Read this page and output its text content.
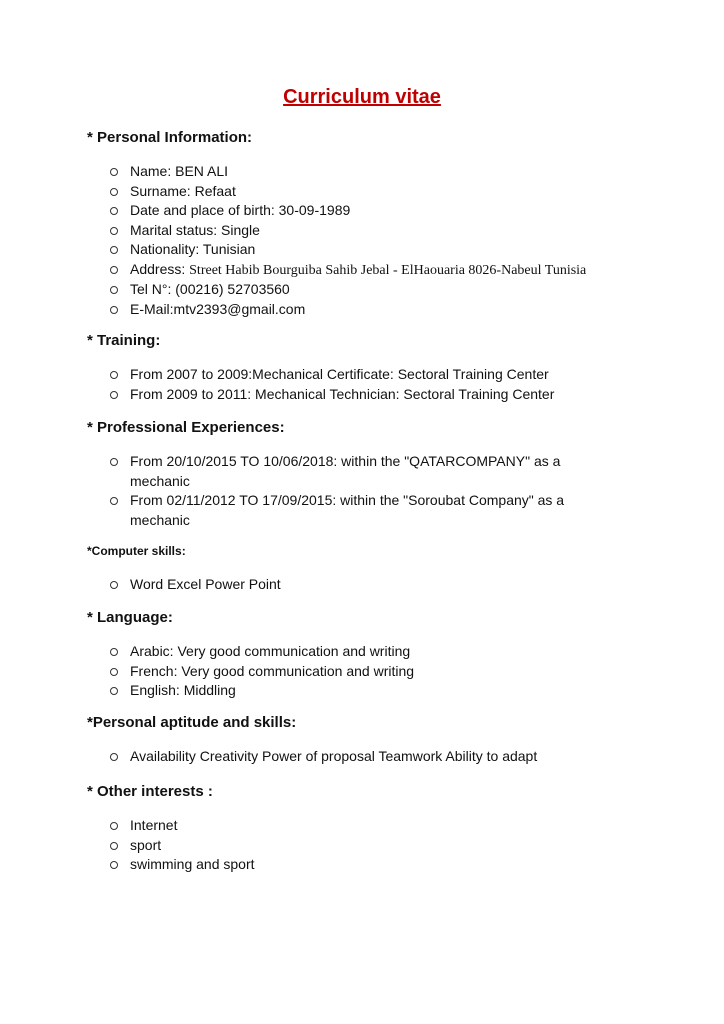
Curriculum vitae

* Personal Information:

Name: BEN ALI
Surname: Refaat
Date and place of birth: 30-09-1989
Marital status: Single
Nationality: Tunisian
Address: Street Habib Bourguiba Sahib Jebal - ElHaouaria 8026-Nabeul Tunisia
Tel N°: (00216) 52703560
E-Mail:mtv2393@gmail.com

* Training:

From 2007 to 2009:Mechanical Certificate: Sectoral Training Center
From 2009 to 2011: Mechanical Technician: Sectoral Training Center

* Professional Experiences:

From 20/10/2015 TO 10/06/2018: within the "QATARCOMPANY" as a mechanic
From 02/11/2012 TO 17/09/2015: within the "Soroubat Company" as a mechanic

*Computer skills:

Word Excel Power Point

* Language:

Arabic: Very good communication and writing
French: Very good communication and writing
English: Middling

*Personal aptitude and skills:

Availability Creativity Power of proposal Teamwork Ability to adapt

* Other interests :

Internet
sport
swimming and sport
